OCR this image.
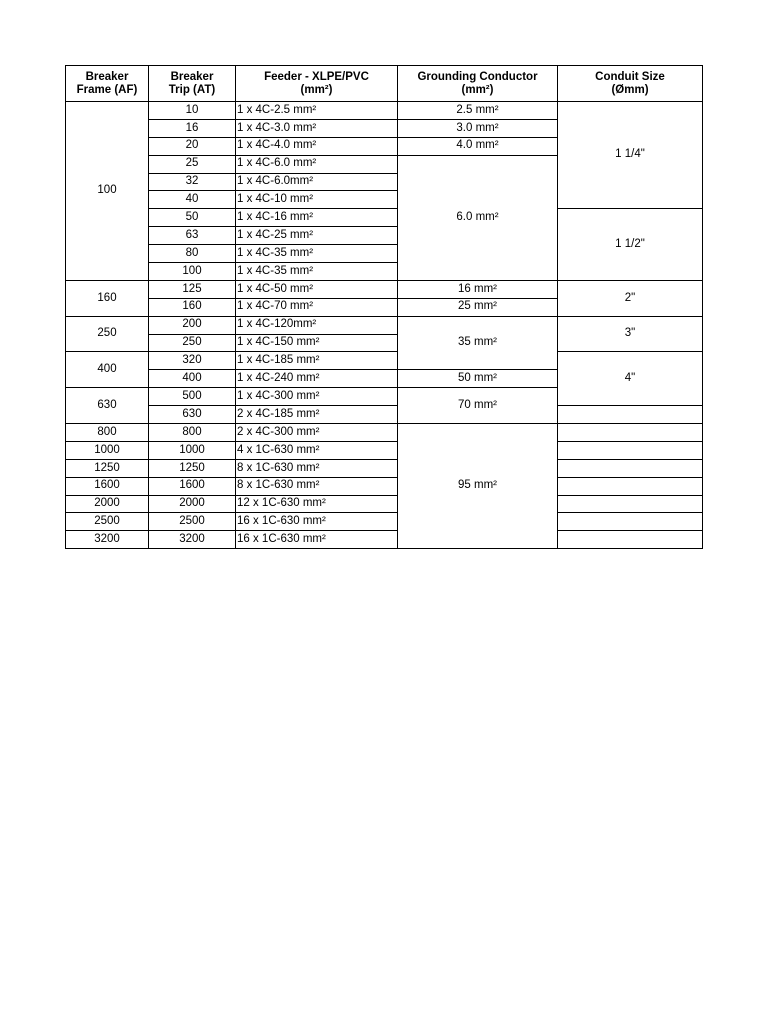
Breaker
Frame (AF)	Breaker
Trip (AT)	Feeder - XLPE/PVC
(mm²)	Grounding Conductor
(mm²)	Conduit Size
(Ømm)
100	10	1 x 4C-2.5 mm²	2.5 mm²	1 1/4"
	16	1 x 4C-3.0 mm²	3.0 mm²	
	20	1 x 4C-4.0 mm²	4.0 mm²	
	25	1 x 4C-6.0 mm²	6.0 mm²	
	32	1 x 4C-6.0mm²		
	40	1 x 4C-10 mm²		
	50	1 x 4C-16 mm²		1 1/2"
	63	1 x 4C-25 mm²		
	80	1 x 4C-35 mm²		
	100	1 x 4C-35 mm²		
160	125	1 x 4C-50 mm²	16 mm²	2"
	160	1 x 4C-70 mm²	25 mm²	
250	200	1 x 4C-120mm²	35 mm²	3"
	250	1 x 4C-150 mm²		
400	320	1 x 4C-185 mm²		4"
	400	1 x 4C-240 mm²	50 mm²	
630	500	1 x 4C-300 mm²	70 mm²	
	630	2 x 4C-185 mm²		
800	800	2 x 4C-300 mm²	95 mm²	
1000	1000	4 x 1C-630 mm²		
1250	1250	8 x 1C-630 mm²		
1600	1600	8 x 1C-630 mm²		
2000	2000	12 x 1C-630 mm²		
2500	2500	16 x 1C-630 mm²		
3200	3200	16 x 1C-630 mm²		
